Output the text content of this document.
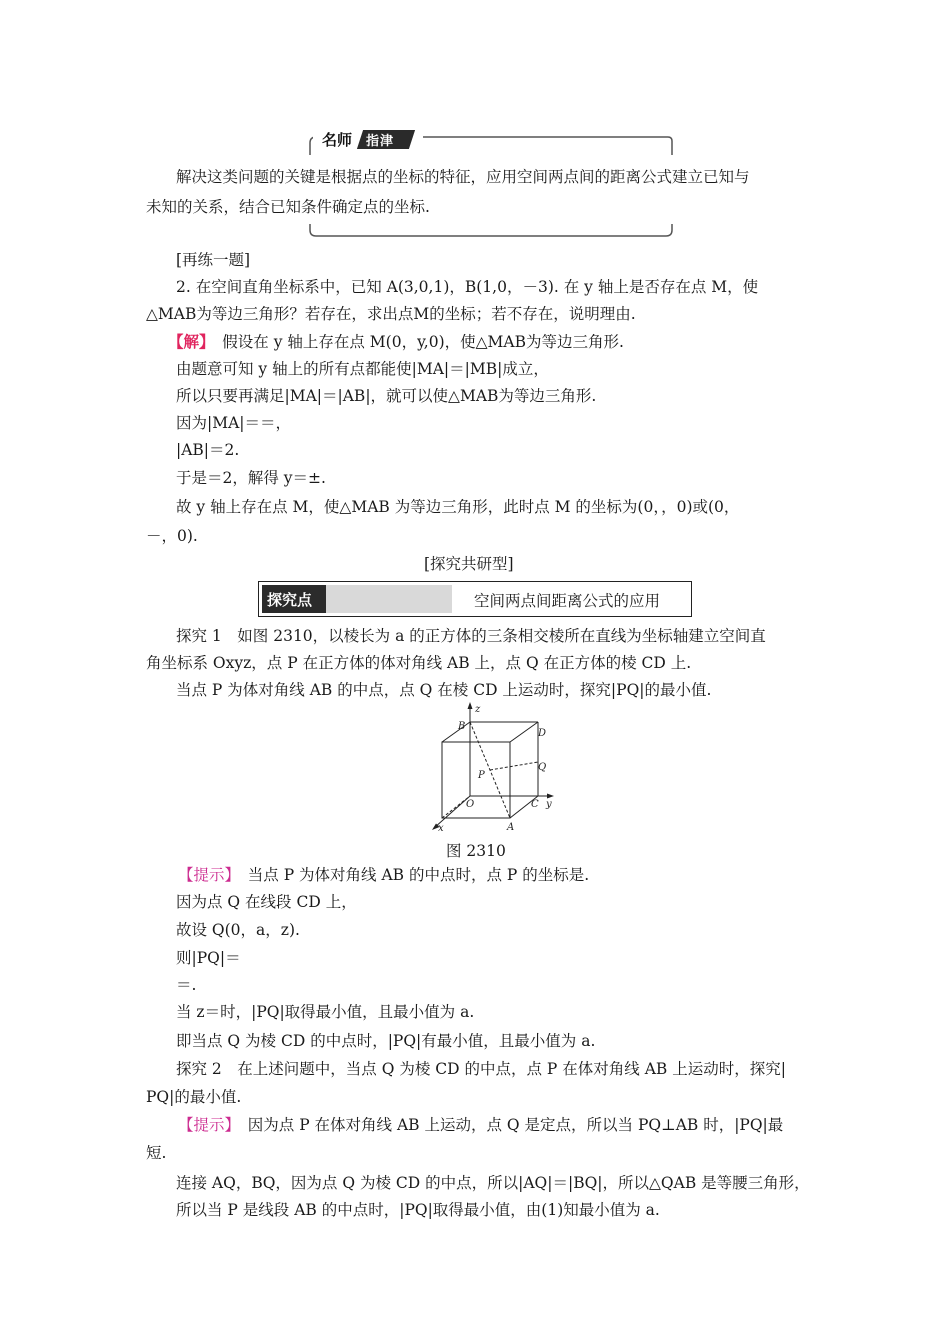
名师 指津
解决这类问题的关键是根据点的坐标的特征，应用空间两点间的距离公式建立已知与
未知的关系，结合已知条件确定点的坐标.
[再练一题]
2. 在空间直角坐标系中，已知 A(3,0,1)，B(1,0，－3). 在 y 轴上是否存在点 M，使
△MAB为等边三角形？若存在，求出点M的坐标；若不存在，说明理由.
【解】　假设在 y 轴上存在点 M(0，y,0)，使△MAB为等边三角形.
由题意可知 y 轴上的所有点都能使|MA|＝|MB|成立，
所以只要再满足|MA|＝|AB|，就可以使△MAB为等边三角形.
因为|MA|＝＝，
|AB|＝2.
于是＝2，解得 y＝±.
故 y 轴上存在点 M，使△MAB 为等边三角形，此时点 M 的坐标为(0，，0)或(0，
－，0).
[探究共研型]
探究点	空间两点间距离公式的应用
探究 1　如图 2310，以棱长为 a 的正方体的三条相交棱所在直线为坐标轴建立空间直
角坐标系 Oxyz，点 P 在正方体的体对角线 AB 上，点 Q 在正方体的棱 CD 上.
当点 P 为体对角线 AB 的中点，点 Q 在棱 CD 上运动时，探究|PQ|的最小值.
z
B
D
Q
P
O	C y
x	A
图 2310
【提示】　当点 P 为体对角线 AB 的中点时，点 P 的坐标是.
因为点 Q 在线段 CD 上，
故设 Q(0，a，z).
则|PQ|＝
＝.
当 z＝时，|PQ|取得最小值，且最小值为 a.
即当点 Q 为棱 CD 的中点时，|PQ|有最小值，且最小值为 a.
探究 2　在上述问题中，当点 Q 为棱 CD 的中点，点 P 在体对角线 AB 上运动时，探究|
PQ|的最小值.
【提示】　因为点 P 在体对角线 AB 上运动，点 Q 是定点，所以当 PQ⊥AB 时，|PQ|最
短.
连接 AQ，BQ，因为点 Q 为棱 CD 的中点，所以|AQ|＝|BQ|，所以△QAB 是等腰三角形，
所以当 P 是线段 AB 的中点时，|PQ|取得最小值，由(1)知最小值为 a.
